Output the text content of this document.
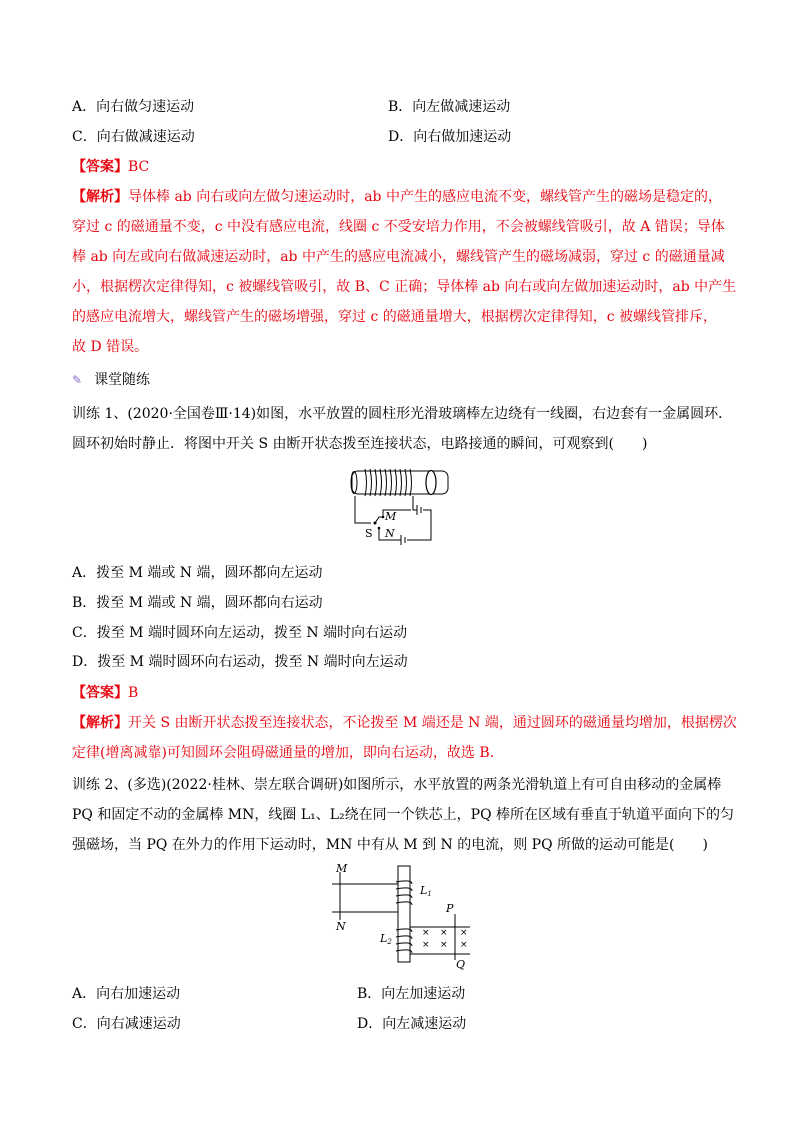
A．向右做匀速运动	B．向左做减速运动
C．向右做减速运动	D．向右做加速运动
【答案】BC
【解析】导体棒 ab 向右或向左做匀速运动时，ab 中产生的感应电流不变，螺线管产生的磁场是稳定的，
穿过 c 的磁通量不变，c 中没有感应电流，线圈 c 不受安培力作用，不会被螺线管吸引，故 A 错误；导体
棒 ab 向左或向右做减速运动时，ab 中产生的感应电流减小，螺线管产生的磁场减弱，穿过 c 的磁通量减
小，根据楞次定律得知，c 被螺线管吸引，故 B、C 正确；导体棒 ab 向右或向左做加速运动时，ab 中产生
的感应电流增大，螺线管产生的磁场增强，穿过 c 的磁通量增大，根据楞次定律得知，c 被螺线管排斥，
故 D 错误。
✎ 课堂随练
训练 1、(2020·全国卷Ⅲ·14)如图，水平放置的圆柱形光滑玻璃棒左边绕有一线圈，右边套有一金属圆环．
圆环初始时静止．将图中开关 S 由断开状态拨至连接状态，电路接通的瞬间，可观察到(　　)
M
S N
A．拨至 M 端或 N 端，圆环都向左运动
B．拨至 M 端或 N 端，圆环都向右运动
C．拨至 M 端时圆环向左运动，拨至 N 端时向右运动
D．拨至 M 端时圆环向右运动，拨至 N 端时向左运动
【答案】B
【解析】开关 S 由断开状态拨至连接状态，不论拨至 M 端还是 N 端，通过圆环的磁通量均增加，根据楞次
定律(增离减靠)可知圆环会阻碍磁通量的增加，即向右运动，故选 B.
训练 2、(多选)(2022·桂林、崇左联合调研)如图所示，水平放置的两条光滑轨道上有可自由移动的金属棒
PQ 和固定不动的金属棒 MN，线圈 L₁、L₂绕在同一个铁芯上，PQ 棒所在区域有垂直于轨道平面向下的匀
强磁场，当 PQ 在外力的作用下运动时，MN 中有从 M 到 N 的电流，则 PQ 所做的运动可能是(　　)
× × ×
× × ×
M
N
L1
L2
P
Q
A．向右加速运动	B．向左加速运动
C．向右减速运动	D．向左减速运动
